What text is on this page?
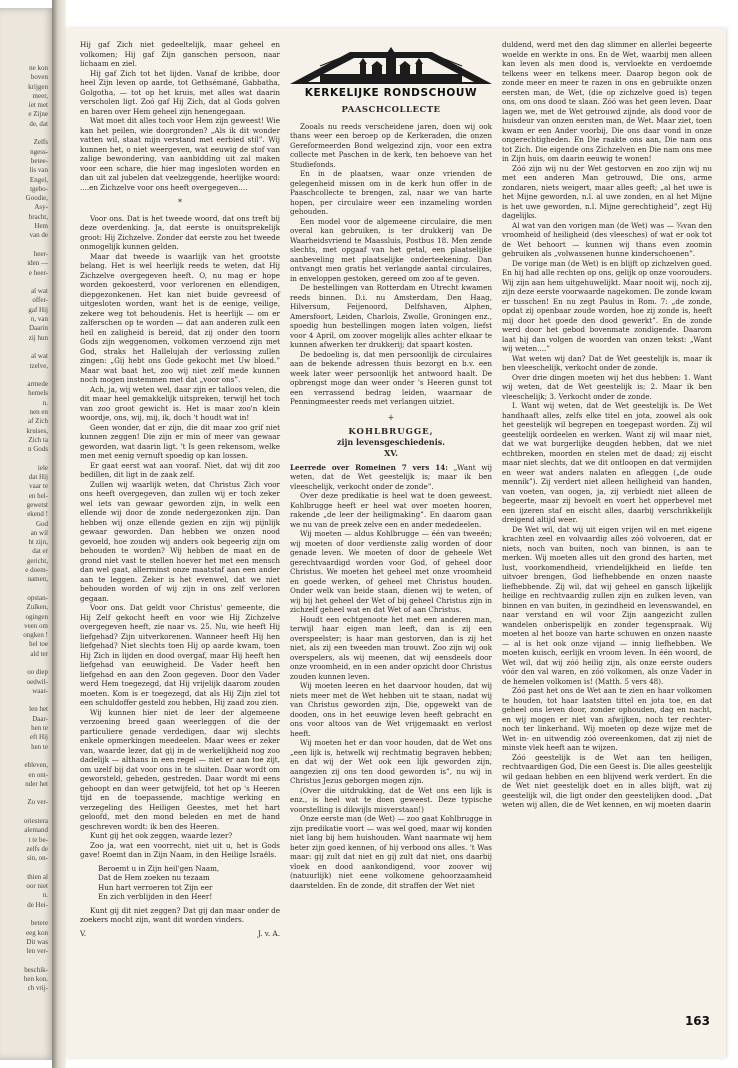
ne kon
boven
krijgen
meer,
iet met
e Zijne
de, dat

Zelfs
ngess-
betee-
lis van
Engel,
tgebo-
Goodie,
Asy-
bracht,
Hem
van de

heer-
iden —
e heer-

al wat
offer-
gaf Hij
n, van
Daarin
zij hun

al wat
tzelve,

armede
hemels
n.
nen en
af Zich
kruises,
Zich ta
n Gods

iele
dat Hij
vaar te
en hel-
gewetst
ekend !
God
an wil
ht zijn,
dat er
gericht,
e doem-
namen,

opstan-
Zulken,
ogingen
veen om
ongken !
hel toe
ald ter

oo diep
oedwil-
waar-

len het
Daar-
hen te
eft Hij
hen te

ebleven,
en ont-
nder het

Zo ver-

oriestera
alemand
t te be-
zelfs de
sin, on-

thien al
oor niet
n.
de Hei-

betere
eeg kon
Dit was
len ver-

beschik-
hen kon.
ch vrij-

Hij gaf Zich niet gedeeltelijk, maar geheel en volkomen; Hij gaf Zijn ganschen persoon, naar lichaam en ziel.

Hij gaf Zich tot het lijden. Vanaf de kribbe, door heel Zijn leven op aarde, tot Gethsémané, Gabbatha, Golgotha, — tot op het kruis, met alles wat daarin verscholen ligt. Zoó gaf Hij Zich, dat al Gods golven en baren over Hem geheel zijn henengegaan.

Wat moet dit alles toch voor Hem zijn geweest! Wie kan het peilen, wie doorgronden? „Als ik dit wonder vatten wil, staat mijn verstand met eerbied stil”. Wij kunnen het, o niet weergeven, wat eeuwig de stof van zalige bewondering, van aanbidding uit zal maken voor een schare, die hier mag ingesloten worden en dan uit zal jubelen dat veelzeggende, heerlijke woord: ....en Zichzelve voor ons heeft overgegeven....

*

Voor ons. Dat is het tweede woord, dat ons treft bij deze overdenking. Ja, dat eerste is onuitsprekelijk groot: Hij Zichzelve. Zonder dat eerste zou het tweede onmogelijk kunnen gelden.

Maar dat tweede is waarlijk van het grootste belang. Het is wel heerlijk reeds te weten, dat Hij Zichzelve overgegeven heeft. O, nu mag er hope worden gekoesterd, voor verlorenen en ellendigen, diepgezonkenen. Het kan niet buide gevreesd of uitgesloten worden, want het is de eenige, veilige, zekere weg tot behoudenis. Het is heerlijk — om er zalferschen op te worden — dat aan anderen zulk een heil en zaligheid is bereid, dat zij onder den toorn Gods zijn weggenomen, volkomen verzoend zijn met God, straks het Hallelujah der verlossing zullen zingen: „Gij hebt ons Gode gekocht met Uw bloed.” Maar wat baat het, zoo wij niet zelf mede kunnen noch mogen instemmen met dat „voor ons”.

Ach, ja, wij weten wel, daar zijn er talloos velen, die dit maar heel gemakkelijk uitspreken, terwijl het toch van zoo groot gewicht is. Het is maar zoo'n klein woordje, ons, wij, mij, ik, doch 't houdt wat in!

Geen wonder, dat er zijn, die dit maar zoo grif niet kunnen zeggen! Die zijn er min of meer van gewaar geworden, wat daarin ligt. 't Is geen rekensom, welke men met eenig vernuft spoedig op kan lossen.

Er gaat eerst wat aan vooraf. Niet, dat wij dit zoo bedillen, dit ligt in de zaak zelf.

Zullen wij waarlijk weten, dat Christus Zich voor ons heeft overgegeven, dan zullen wij er toch zeker wel iets van gewaar geworden zijn, in welk een ellende wij door de zonde nedergezonken zijn. Dan hebben wij onze ellende gezien en zijn wij pijnlijk gewaar geworden. Dan hebben we onzen nood gevoeld, hoe zouden wij anders ook begeerig zijn om behouden te worden? Wij hebben de maat en de grond niet vast te stellen hoever het met een mensch dan wel gaat, allerminst onze maatstaf aan een ander aan te leggen. Zeker is het evenwel, dat we niet behouden worden of wij zijn in ons zelf verloren gegaan.

Voor ons. Dat geldt voor Christus' gemeente, die Hij Zelf gekocht heeft en voor wie Hij Zichzelve overgegeven heeft, zie naar vs. 25. Nu, wie heeft Hij liefgehad? Zijn uitverkorenen. Wanneer heeft Hij hen liefgehad? Niet slechts toen Hij op aarde kwam, toen Hij Zich in lijden en dood overgaf, maar Hij heeft hen liefgehad van eeuwigheid. De Vader heeft hen liefgehad en aan den Zoon gegeven. Door den Vader werd Hem toegezegd, dat Hij vrijelijk daarom zouden moeten. Kom is er toegezegd, dat als Hij Zijn ziel tot een schuldoffer gesteld zou hebben, Hij zaad zou zien.

Wij kunnen hier niet de leer der algemeene verzoening breed gaan weerleggen of die der particuliere genade verdedigen, daar wij slechts enkele opmerkingen meedeelen. Maar wees er zeker van, waarde lezer, dat gij in de werkelijkheid nog zoo dadelijk — althans in een regel — niet er aan toe zijt, om uzelf bij dat voor ons in te sluiten. Daar wordt om geworsteld, gebeden, gestreden. Daar wordt mi eens gehoopt en dan weer getwijfeld, tot het op 's Heeren tijd en de toepassende, machtige werking en verzegeling des Heiligen Geestes, met het hart geloofd, met den mond beleden en met de hand geschreven wordt: ik ben des Heeren.

Kunt gij het ook zeggen, waarde lezer?

Zoo ja, wat een voorrecht, niet uit u, het is Gods gave! Roemt dan in Zijn Naam, in den Heilige Israëls.

Beroemt u in Zijn heil'gen Naam,
Dat de Hem zoeken nu tezaam
Hun hart verroeren tot Zijn eer
En zich verblijden in den Heer!

Kunt gij dit niet zeggen? Dat gij dan maar onder de zoekers mocht zijn, want dit worden vinders.

V.	J. v. A.
KERKELIJKE RONDSCHOUW
PAASCHCOLLECTE

Zooals nu reeds verscheidene jaren, doen wij ook thans weer een beroep op de Kerkeraden, die onzen Gereformeerden Bond welgezind zijn, voor een extra collecte met Paschen in de kerk, ten behoeve van het Studiefonds.

En in de plaatsen, waar onze vrienden de gelegenheid missen om in de kerk hun offer in de Paaschcollecte te brengen, zal, naar we van harte hopen, per circulaire weer een inzameling worden gehouden.

Een model voor de algemeene circulaire, die men overal kan gebruiken, is ter drukkerij van De Waarheidsvriend te Maassluis, Postbus 18. Men zende slechts, met opgaaf van het getal, een plaatselijke aanbeveling met plaatselijke onderteekening. Dan ontvangt men gratis het verlangde aantal circulaires, in enveloppen gestoken, gereed om zoo af te geven.

De bestellingen van Rotterdam en Utrecht kwamen reeds binnen. D.i. nu Amsterdam, Den Haag, Hilversum, Feijenoord, Delfshaven, Alphen, Amersfoort, Leiden, Charlois, Zwolle, Groningen enz., spoedig hun bestellingen mogen laten volgen, liefst voor 4 April, om zoover mogelijk alles achter elkaar te kunnen afwerken ter drukkerij; dat spaart kosten.

De bedoeling is, dat men persoonlijk de circulaires aan de bekende adressen thuis bezorgt en b.v. een week later weer persoonlijk het antwoord haalt. De opbrengst moge dan weer onder 's Heeren gunst tot een verrassend bedrag leiden, waarnaar de Penningmeester reeds met verlangen uitziet.

+
KOHLBRUGGE,
zijn levensgeschiedenis.
XV.

Leerrede over Romeinen 7 vers 14: „Want wij weten, dat de Wet geestelijk is; maar ik ben vleeschelijk, verkocht onder de zonde”.

Over deze predikatie is heel wat te doen geweest. Kohlbrugge heeft er heel wat over moeten hooren, rakende „de leer der heiligmaking”. En daarom gaan we nu van de preek zelve een en ander mededeelen.

Wij moeten — aldus Kohlbrugge — één van tweeën; wij moeten of door verdienste zalig worden of door genade leven. We moeten of door de geheele Wet gerechtvaardigd worden voor God, of geheel door Christus. We moeten het geheel met onze vroomheid en goede werken, of geheel met Christus houden. Onder welk van beide staan, dienen wij te weten, of wij bij het geheel der Wet of bij geheel Christus zijn in zichzelf geheel wat en dat Wet of aan Christus.

Houdt een echtgenoote het met een anderen man, terwijl haar eigen man leeft, dan is zij een overspeelster; is haar man gestorven, dan is zij het niet, als zij een tweeden man trouwt. Zoo zijn wij ook overspelers, als wij meenen, dat wij eensdeels door onze vroomheid, en in een ander opzicht door Christus zouden kunnen leven.

Wij moeten leeren en het daarvoor houden, dat wij niets meer met de Wet hebben uit te staan, nadat wij van Christus geworden zijn, Die, opgewekt van de dooden, ons in het eeuwige leven heeft gebracht en ons voor altoos van de Wet vrijgemaakt en verlost heeft.

Wij moeten het er dan voor houden, dat de Wet ons „een lijk is, hetwelk wij rechtmatig begraven hebben; en dat wij der Wet ook een lijk geworden zijn, aangezien zij ons ten dood geworden is”, nu wij in Christus Jezus geborgen mogen zijn.

(Over die uitdrukking, dat de Wet ons een lijk is enz., is heel wat te doen geweest. Deze typische voorstelling is dikwijls misverstaan!)

Onze eerste man (de Wet) — zoo gaat Kohlbrugge in zijn predikatie voort — was wel goed, maar wij konden niet lang bij hem huishouden. Want naarmate wij hem beter zijn goed kennen, of hij verbood ons alles. 't Was maar: gij zult dat niet en gij zult dat niet, ons daarbij vloek en dood aankondigend, voor zoover wij (natuurlijk) niet eene volkomene gehoorzaamheid daarstelden. En de zonde, dit straffen der Wet niet

duldend, werd met den dag slimmer en allerlei begeerte woelde en werkte in ons. En de Wet, waarbij men alleen kan leven als men dood is, vervloekte en verdoemde telkens weer en telkens meer. Daarop begon ook de zonde meer en meer te razen in ons en gebruikte onzen eersten man, de Wet, (die op zichzelve goed is) tegen ons, om ons dood te slaan. Zóó was het geen leven. Daar lagen we, met de Wet getrouwd zijnde, als dood voor de huisdeur van onzen eersten man, de Wet. Maar ziet, toen kwam er een Ander voorbij, Die ons daar vond in onze ongerechtigheden. En Die raakte ons aan, Die nam ons tot Zich. Die eigende ons Zichzelven en Die nam ons mee in Zijn huis, om daarin eeuwig te wonen!

Zóó zijn wij nu der Wet gestorven en zoo zijn wij nu met een anderen Man getrouwd, Die ons, arme zondaren, niets weigert, maar alles geeft; „al het uwe is het Mijne geworden, n.l. al uwe zonden, en al het Mijne is het uwe geworden, n.l. Mijne gerechtigheid”, zegt Hij dagelijks.

Al wat van den vorigen man (de Wet) was — ¾van den vroomheid of heiligheid (des vleesches) of wat er ook tot de Wet behoort — kunnen wij thans even zoomin gebruiken als „volwassenen hunne kinderschoenen”.

De vorige man (de Wet) is en blijft op zichzelven goed. En hij had alle rechten op ons, gelijk op onze voorouders. Wij zijn aan hem uitgehuwelijkt. Maar nooit wij, noch zij, zijn deze eerste voorwaarde nagekomen. De zonde kwam er tusschen! En nu zegt Paulus in Rom. 7: „de zonde, opdat zij openbaar zoude worden, hoe zij zonde is, heeft mij door het goede den dood gewerkt”. En de zonde werd door het gebod bovenmate zondigende. Daarom laat hij dan volgen de woorden van onzen tekst: „Want wij weten....”

Wat weten wij dan? Dat de Wet geestelijk is, maar ik ben vleeschelijk, verkocht onder de zonde.

Over drie dingen moeten wij het dus hebben: 1. Want wij weten, dat de Wet geestelijk is; 2. Maar ik ben vleeschelijk; 3. Verkocht onder de zonde.

I. Want wij weten, dat de Wet geestelijk is. De Wet handhaaft alles, zelfs elke titel en jota, zoowel als ook het geestelijk wil begrepen en toegepast worden. Zij wil geestelijk oordeelen en werken. Want zij wil maar niet, dat we wat burgerlijke deugden hebben, dat we niet echtbreken, moorden en stelen met de daad; zij eischt maar niet slechts, dat we dit ontloopen en dat vermijden en weer wat anders nalaten en afleggen („de oude mennik”). Zij verdert niet alleen heiligheid van handen, van voeten, van oogen, ja, zij verbiedt niet alleen de begeerte, maar zij bevoelt en voert het opperbevel met een ijzeren staf en eischt alles, daarbij verschrikkelijk dreigend altijd weer.

De Wet wil, dat wij uit eigen vrijen wil en met eigene krachten zeel en volvaardig alles zóó volvoeren, dat er niets, noch van buiten, noch van binnen, is aan te merken. Wij moeten alles uit den grond des harten, met lust, voorkomendheid, vriendelijkheid en liefde ten uitvoer brengen, God liefhebbende en onzen naaste liefhebbende. Zij wil, dat wij geheel en gansch lijkelijk heilige en rechtvaardig zullen zijn en zulken leven, van binnen en van buiten, in gezindheid en levenswandel, en naar verstand en wil voor Zijn aangezicht zullen wandelen onberispelijk en zonder tegenspraak. Wij moeten al het booze van harte schuwen en onzen naaste — al is het ook onze vijand — innig liefhebben. We moeten kuisch, eerlijk en vroom leven. In één woord, de Wet wil, dat wij zóó heilig zijn, als onze eerste ouders vóór den val waren, en zóó volkomen, als onze Vader in de hemelen volkomen is! (Matth. 5 vers 48).

Zóó past het ons de Wet aan te zien en haar volkomen te houden, tot haar laatsten tittel en jota toe, en dat geheel ons leven door, zonder ophouden, dag en nacht, en wij mogen er niet van afwijken, noch ter rechter- noch ter linkerhand. Wij moeten op deze wijze met de Wet in- en uitwendig zóó overeenkomen, dat zij niet de minste vlek heeft aan te wijzen.

Zóó geestelijk is de Wet aan ten heiligen, rechtvaardigen God, Die een Geest is. Die alles geestelijk wil gedaan hebben en een blijvend werk verdert. En die de Wet niet geestelijk doet en in alles blijft, wat zij geestelijk wil, die ligt onder den geestelijken dood. „Dat weten wij allen, die de Wet kennen, en wij moeten daarin

163
